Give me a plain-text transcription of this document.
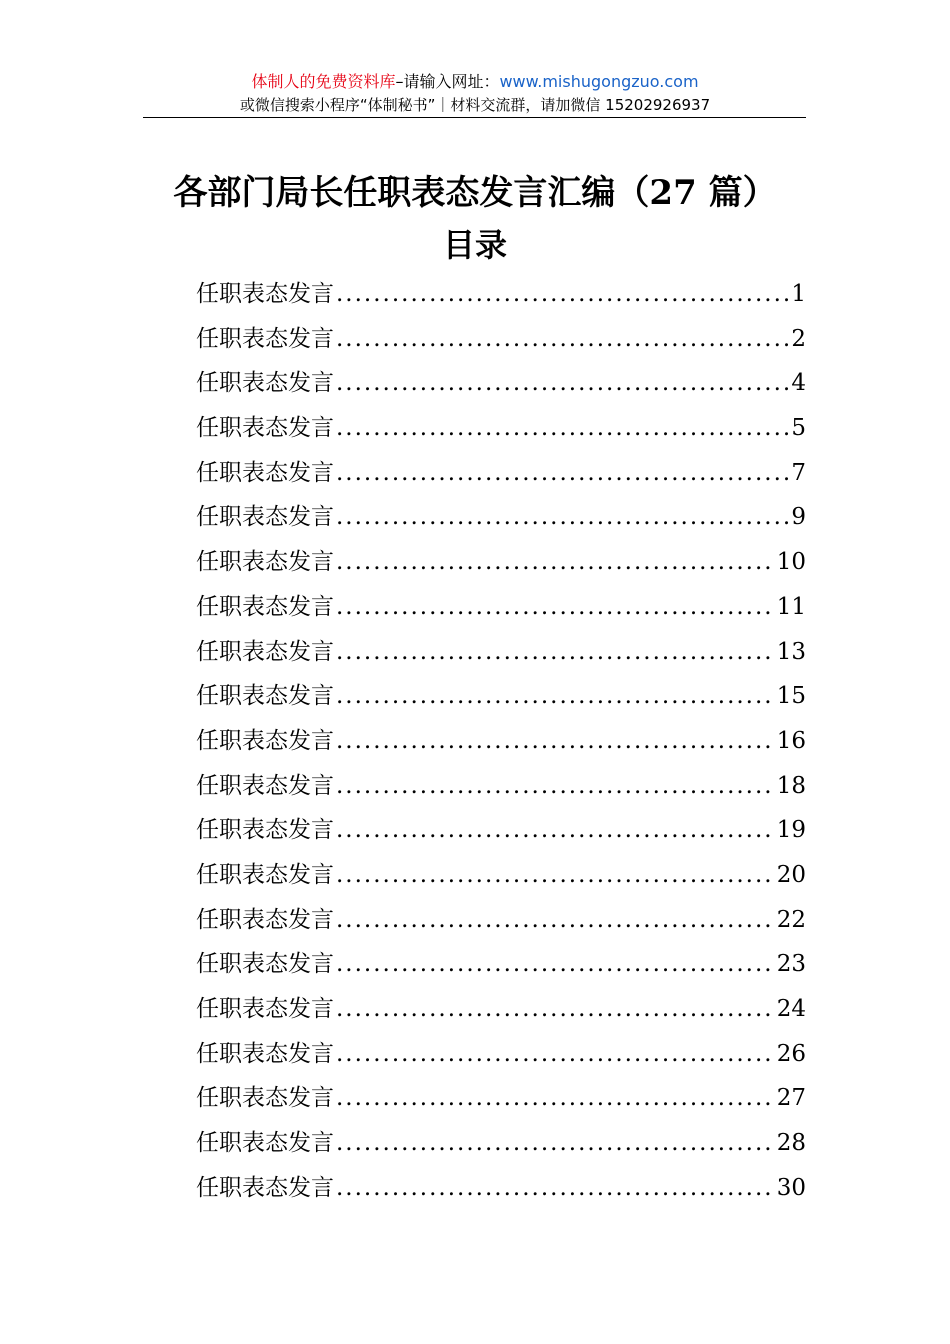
体制人的免费资料库–请输入网址：www.mishugongzuo.com
或微信搜索小程序“体制秘书”｜材料交流群，请加微信 15202926937
各部门局长任职表态发言汇编（27 篇）
目录
任职表态发言 .....	1
任职表态发言 .....	2
任职表态发言 .....	4
任职表态发言 .....	5
任职表态发言 .....	7
任职表态发言 .....	9
任职表态发言 .....	10
任职表态发言 .....	11
任职表态发言 .....	13
任职表态发言 .....	15
任职表态发言 .....	16
任职表态发言 .....	18
任职表态发言 .....	19
任职表态发言 .....	20
任职表态发言 .....	22
任职表态发言 .....	23
任职表态发言 .....	24
任职表态发言 .....	26
任职表态发言 .....	27
任职表态发言 .....	28
任职表态发言 .....	30
